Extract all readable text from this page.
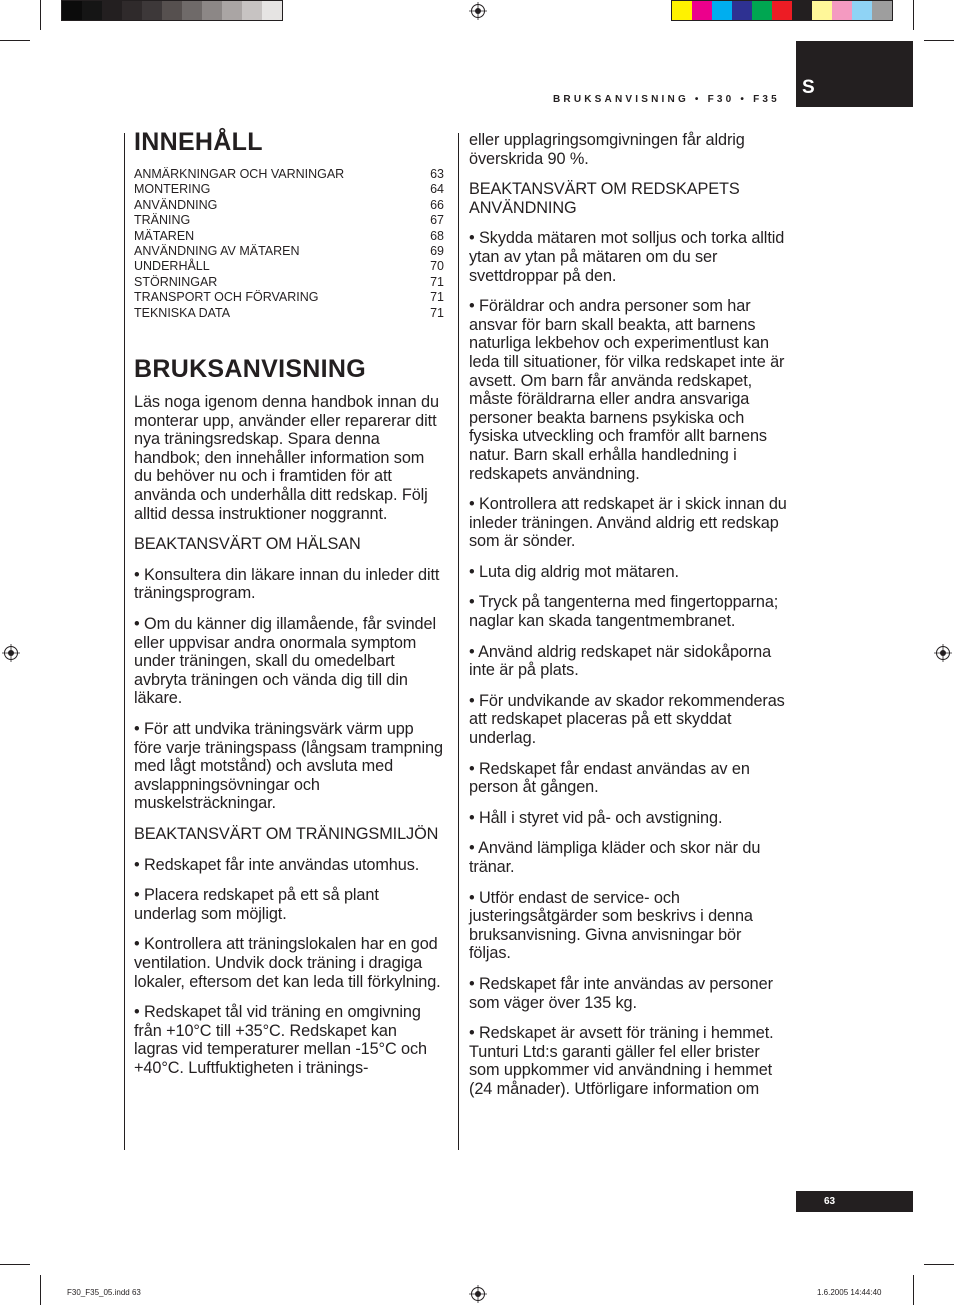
BRUKSANVISNING • F30 • F35
S
INNEHÅLL
ANMÄRKNINGAR OCH VARNINGAR	63
MONTERING	64
ANVÄNDNING	66
TRÄNING	67
MÄTAREN	68
ANVÄNDNING AV MÄTAREN	69
UNDERHÅLL	70
STÖRNINGAR	71
TRANSPORT OCH FÖRVARING	71
TEKNISKA DATA	71
BRUKSANVISNING

Läs noga igenom denna handbok innan du monterar upp, använder eller reparerar ditt nya träningsredskap. Spara denna handbok; den innehåller information som du behöver nu och i framtiden för att använda och underhålla ditt redskap. Följ alltid dessa instruktioner noggrannt.

BEAKTANSVÄRT OM HÄLSAN

• Konsultera din läkare innan du inleder ditt träningsprogram.

• Om du känner dig illamående, får svindel eller uppvisar andra onormala symptom under träningen, skall du omedelbart avbryta träningen och vända dig till din läkare.

• För att undvika träningsvärk värm upp före varje träningspass (långsam trampning med lågt motstånd) och avsluta med avslappningsövningar och muskelsträckningar.

BEAKTANSVÄRT OM TRÄNINGSMILJÖN

• Redskapet får inte användas utomhus.

• Placera redskapet på ett så plant underlag som möjligt.

• Kontrollera att träningslokalen har en god ventilation. Undvik dock träning i dragiga lokaler, eftersom det kan leda till förkylning.

• Redskapet tål vid träning en omgivning från +10°C till +35°C. Redskapet kan lagras vid temperaturer mellan -15°C och +40°C. Luftfuktigheten i tränings-

eller upplagringsomgivningen får aldrig överskrida 90 %.

BEAKTANSVÄRT OM REDSKAPETS ANVÄNDNING

• Skydda mätaren mot solljus och torka alltid ytan av ytan på mätaren om du ser svettdroppar på den.

• Föräldrar och andra personer som har ansvar för barn skall beakta, att barnens naturliga lekbehov och experimentlust kan leda till situationer, för vilka redskapet inte är avsett. Om barn får använda redskapet, måste föräldrarna eller andra ansvariga personer beakta barnens psykiska och fysiska utveckling och framför allt barnens natur. Barn skall erhålla handledning i redskapets användning.

• Kontrollera att redskapet är i skick innan du inleder träningen. Använd aldrig ett redskap som är sönder.

• Luta dig aldrig mot mätaren.

• Tryck på tangenterna med fingertopparna; naglar kan skada tangentmembranet.

• Använd aldrig redskapet när sidokåporna inte är på plats.

• För undvikande av skador rekommenderas att redskapet placeras på ett skyddat underlag.

• Redskapet får endast användas av en person åt gången.

• Håll i styret vid på- och avstigning.

• Använd lämpliga kläder och skor när du tränar.

• Utför endast de service- och justeringsåtgärder som beskrivs i denna bruksanvisning. Givna anvisningar bör följas.

• Redskapet får inte användas av personer som väger över 135 kg.

• Redskapet är avsett för träning i hemmet. Tunturi Ltd:s garanti gäller fel eller brister som uppkommer vid användning i hemmet (24 månader). Utförligare information om

63
F30_F35_05.indd 63	1.6.2005 14:44:40
